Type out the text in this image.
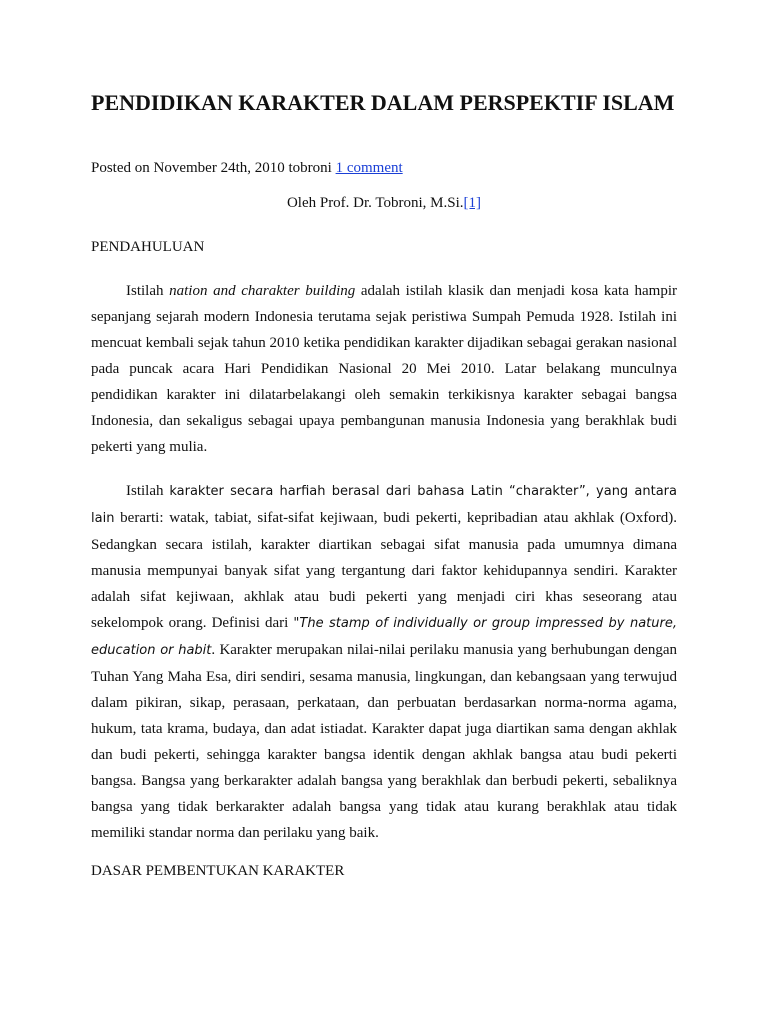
PENDIDIKAN KARAKTER DALAM PERSPEKTIF ISLAM

Posted on November 24th, 2010 tobroni 1 comment

Oleh Prof. Dr. Tobroni, M.Si.[1]

PENDAHULUAN

Istilah nation and charakter building adalah istilah klasik dan menjadi kosa kata hampir sepanjang sejarah modern Indonesia terutama sejak peristiwa Sumpah Pemuda 1928. Istilah ini mencuat kembali sejak tahun 2010 ketika pendidikan karakter dijadikan sebagai gerakan nasional pada puncak acara Hari Pendidikan Nasional 20 Mei 2010. Latar belakang munculnya pendidikan karakter ini dilatarbelakangi oleh semakin terkikisnya karakter sebagai bangsa Indonesia, dan sekaligus sebagai upaya pembangunan manusia Indonesia yang berakhlak budi pekerti yang mulia.

Istilah karakter secara harfiah berasal dari bahasa Latin “charakter”, yang antara lain berarti: watak, tabiat, sifat-sifat kejiwaan, budi pekerti, kepribadian atau akhlak (Oxford). Sedangkan secara istilah, karakter diartikan sebagai sifat manusia pada umumnya dimana manusia mempunyai banyak sifat yang tergantung dari faktor kehidupannya sendiri. Karakter adalah sifat kejiwaan, akhlak atau budi pekerti yang menjadi ciri khas seseorang atau sekelompok orang. Definisi dari "The stamp of individually or group impressed by nature, education or habit. Karakter merupakan nilai-nilai perilaku manusia yang berhubungan dengan Tuhan Yang Maha Esa, diri sendiri, sesama manusia, lingkungan, dan kebangsaan yang terwujud dalam pikiran, sikap, perasaan, perkataan, dan perbuatan berdasarkan norma-norma agama, hukum, tata krama, budaya, dan adat istiadat. Karakter dapat juga diartikan sama dengan akhlak dan budi pekerti, sehingga karakter bangsa identik dengan akhlak bangsa atau budi pekerti bangsa. Bangsa yang berkarakter adalah bangsa yang berakhlak dan berbudi pekerti, sebaliknya bangsa yang tidak berkarakter adalah bangsa yang tidak atau kurang berakhlak atau tidak memiliki standar norma dan perilaku yang baik.

DASAR PEMBENTUKAN KARAKTER
